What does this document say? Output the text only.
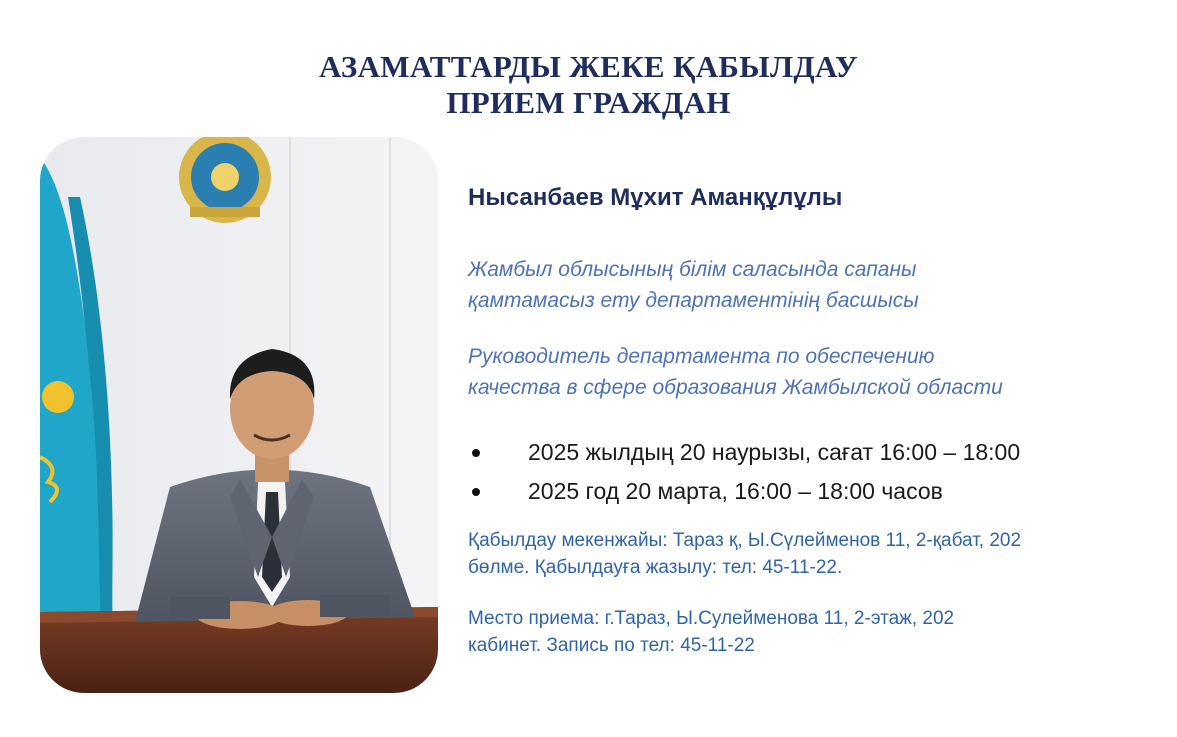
АЗАМАТТАРДЫ ЖЕКЕ ҚАБЫЛДАУ
ПРИЕМ ГРАЖДАН
Нысанбаев Мұхит Аманқұлұлы
Жамбыл облысының білім саласында сапаны
қамтамасыз ету департаментінің басшысы
Руководитель департамента по обеспечению
качества в сфере образования Жамбылской области
2025 жылдың 20 наурызы, сағат 16:00 – 18:00
2025 год 20 марта, 16:00 – 18:00 часов
Қабылдау мекенжайы: Тараз қ, Ы.Сүлейменов 11, 2-қабат, 202
бөлме. Қабылдауға жазылу: тел: 45-11-22.
Место приема: г.Тараз, Ы.Сулейменова 11, 2-этаж, 202
кабинет. Запись по тел: 45-11-22
